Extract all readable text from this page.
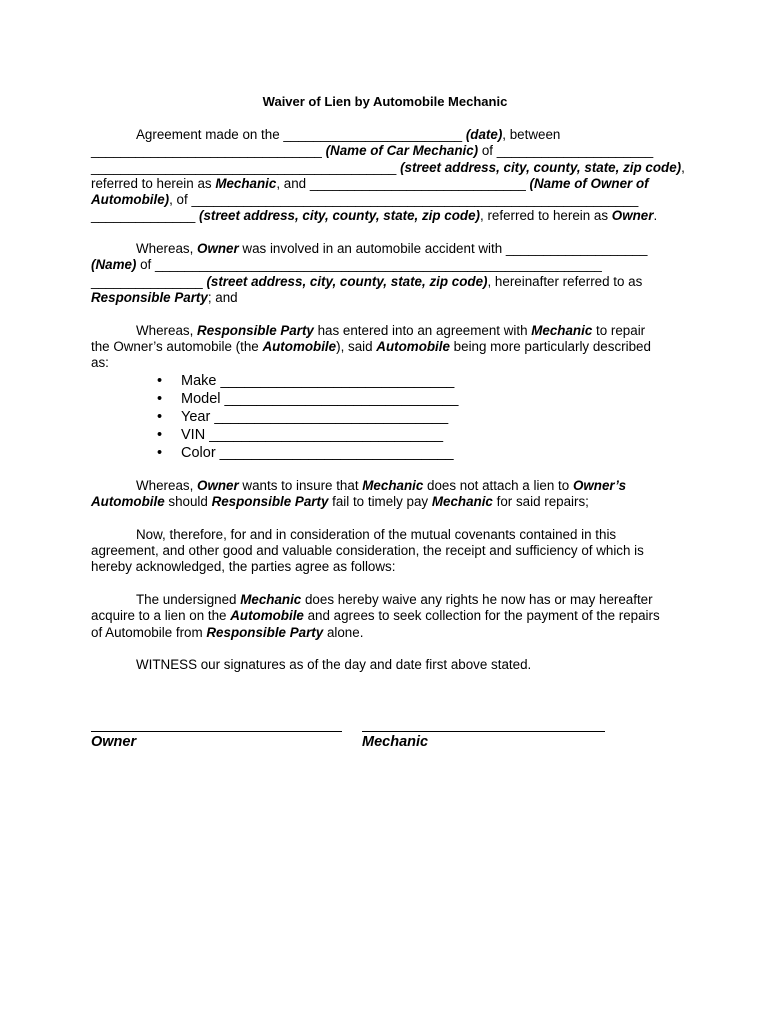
Waiver of Lien by Automobile Mechanic
Agreement made on the ________________________ (date), between
_______________________________ (Name of Car Mechanic) of _____________________
_________________________________________ (street address, city, county, state, zip code),
referred to herein as Mechanic, and _____________________________ (Name of Owner of
Automobile), of ____________________________________________________________
______________ (street address, city, county, state, zip code), referred to herein as Owner.
Whereas, Owner was involved in an automobile accident with ___________________
(Name) of ____________________________________________________________
_______________ (street address, city, county, state, zip code), hereinafter referred to as
Responsible Party; and
Whereas, Responsible Party has entered into an agreement with Mechanic to repair
the Owner’s automobile (the Automobile), said Automobile being more particularly described
as:
• Make _____________________________
• Model _____________________________
• Year _____________________________
• VIN _____________________________
• Color _____________________________
Whereas, Owner wants to insure that Mechanic does not attach a lien to Owner’s
Automobile should Responsible Party fail to timely pay Mechanic for said repairs;
Now, therefore, for and in consideration of the mutual covenants contained in this
agreement, and other good and valuable consideration, the receipt and sufficiency of which is
hereby acknowledged, the parties agree as follows:
The undersigned Mechanic does hereby waive any rights he now has or may hereafter
acquire to a lien on the Automobile and agrees to seek collection for the payment of the repairs
of Automobile from Responsible Party alone.
WITNESS our signatures as of the day and date first above stated.
Owner	Mechanic
